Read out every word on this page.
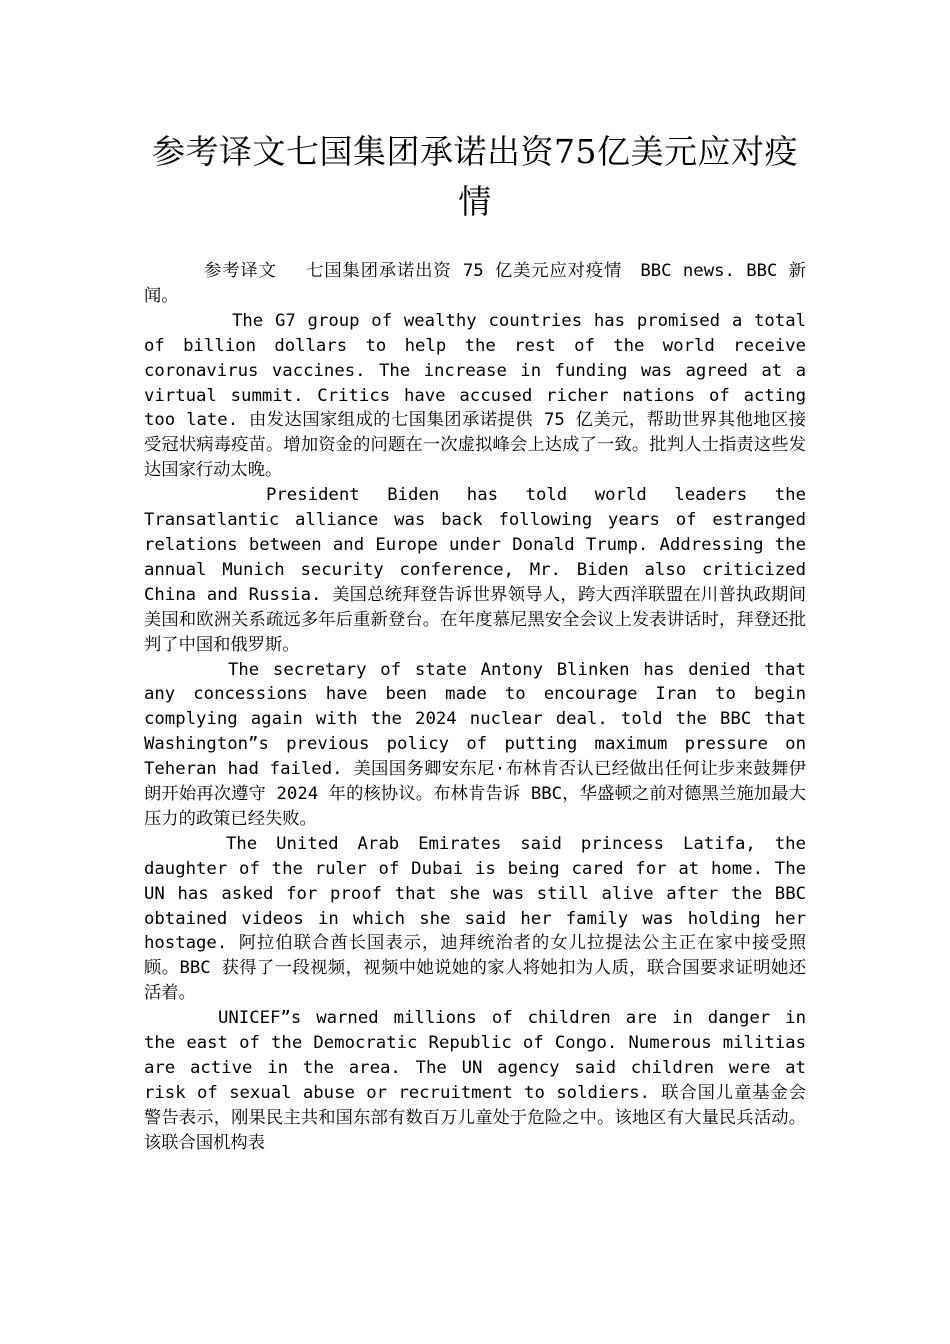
参考译文七国集团承诺出资75亿美元应对疫情

参考译文　 七国集团承诺出资 75 亿美元应对疫情　BBC news. BBC 新闻。

The G7 group of wealthy countries has promised a total of billion dollars to help the rest of the world receive coronavirus vaccines. The increase in funding was agreed at a virtual summit. Critics have accused richer nations of acting too late. 由发达国家组成的七国集团承诺提供 75 亿美元，帮助世界其他地区接受冠状病毒疫苗。增加资金的问题在一次虚拟峰会上达成了一致。批判人士指责这些发达国家行动太晚。

President Biden has told world leaders the Transatlantic alliance was back following years of estranged relations between and Europe under Donald Trump. Addressing the annual Munich security conference, Mr. Biden also criticized China and Russia. 美国总统拜登告诉世界领导人，跨大西洋联盟在川普执政期间美国和欧洲关系疏远多年后重新登台。在年度慕尼黑安全会议上发表讲话时，拜登还批判了中国和俄罗斯。

The secretary of state Antony Blinken has denied that any concessions have been made to encourage Iran to begin complying again with the 2024 nuclear deal. told the BBC that Washington”s previous policy of putting maximum pressure on Teheran had failed. 美国国务卿安东尼·布林肯否认已经做出任何让步来鼓舞伊朗开始再次遵守 2024 年的核协议。布林肯告诉 BBC，华盛顿之前对德黑兰施加最大压力的政策已经失败。

The United Arab Emirates said princess Latifa, the daughter of the ruler of Dubai is being cared for at home. The UN has asked for proof that she was still alive after the BBC obtained videos in which she said her family was holding her hostage. 阿拉伯联合酋长国表示，迪拜统治者的女儿拉提法公主正在家中接受照顾。BBC 获得了一段视频，视频中她说她的家人将她扣为人质，联合国要求证明她还活着。

UNICEF”s warned millions of children are in danger in the east of the Democratic Republic of Congo. Numerous militias are active in the area. The UN agency said children were at risk of sexual abuse or recruitment to soldiers. 联合国儿童基金会警告表示，刚果民主共和国东部有数百万儿童处于危险之中。该地区有大量民兵活动。该联合国机构表
